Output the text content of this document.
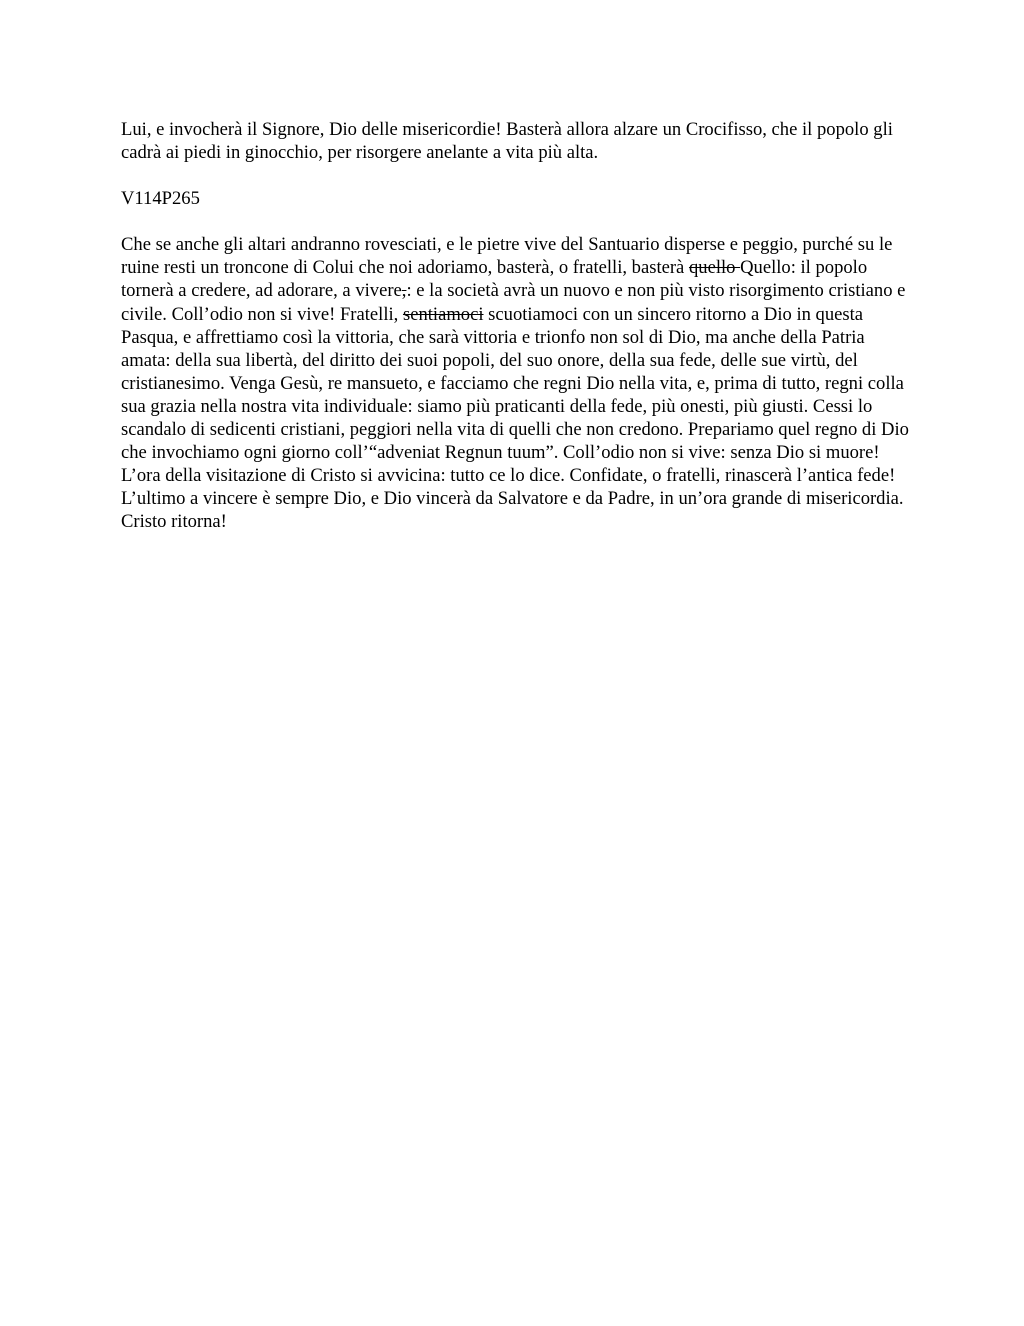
Lui, e invocherà il Signore, Dio delle misericordie! Basterà allora alzare un Crocifisso, che il popolo gli cadrà ai piedi in ginocchio, per risorgere anelante a vita più alta.

V114P265

Che se anche gli altari andranno rovesciati, e le pietre vive del Santuario disperse e peggio, purché su le ruine resti un troncone di Colui che noi adoriamo, basterà, o fratelli, basterà quello Quello: il popolo tornerà a credere, ad adorare, a vivere,: e la società avrà un nuovo e non più visto risorgimento cristiano e civile. Coll’odio non si vive! Fratelli, sentiamoci scuotiamoci con un sincero ritorno a Dio in questa Pasqua, e affrettiamo così la vittoria, che sarà vittoria e trionfo non sol di Dio, ma anche della Patria amata: della sua libertà, del diritto dei suoi popoli, del suo onore, della sua fede, delle sue virtù, del cristianesimo. Venga Gesù, re mansueto, e facciamo che regni Dio nella vita, e, prima di tutto, regni colla sua grazia nella nostra vita individuale: siamo più praticanti della fede, più onesti, più giusti. Cessi lo scandalo di sedicenti cristiani, peggiori nella vita di quelli che non credono. Prepariamo quel regno di Dio che invochiamo ogni giorno coll’“adveniat Regnun tuum”. Coll’odio non si vive: senza Dio si muore! L’ora della visitazione di Cristo si avvicina: tutto ce lo dice. Confidate, o fratelli, rinascerà l’antica fede! L’ultimo a vincere è sempre Dio, e Dio vincerà da Salvatore e da Padre, in un’ora grande di misericordia. Cristo ritorna!
